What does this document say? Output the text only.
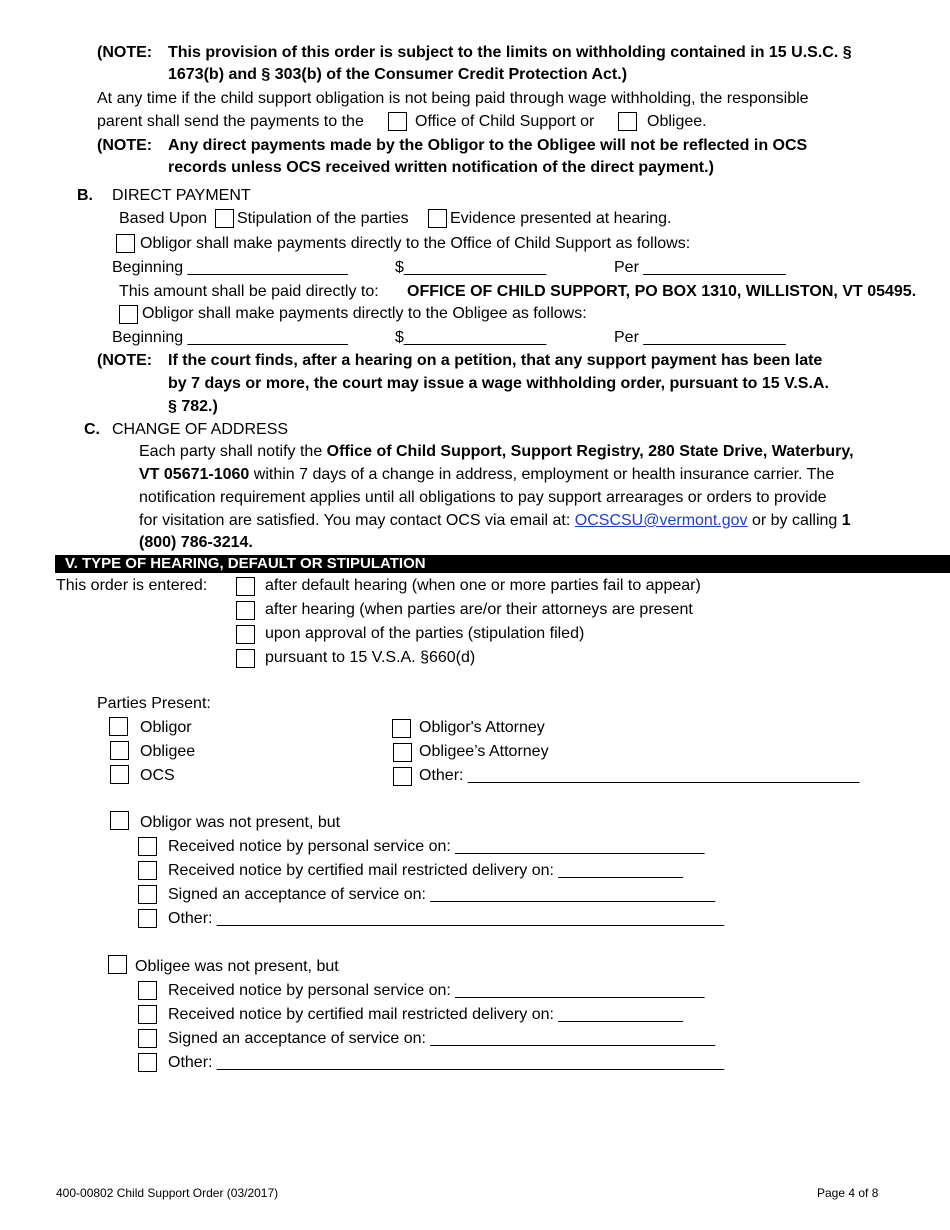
(NOTE: This provision of this order is subject to the limits on withholding contained in 15 U.S.C. §
1673(b) and § 303(b) of the Consumer Credit Protection Act.)
At any time if the child support obligation is not being paid through wage withholding, the responsible
parent shall send the payments to the	Office of Child Support or	Obligee.
(NOTE: Any direct payments made by the Obligor to the Obligee will not be reflected in OCS
records unless OCS received written notification of the direct payment.)
B. DIRECT PAYMENT
Based Upon Stipulation of the parties	Evidence presented at hearing.
Obligor shall make payments directly to the Office of Child Support as follows:
Beginning __________________	$________________	Per ________________
This amount shall be paid directly to: OFFICE OF CHILD SUPPORT, PO BOX 1310, WILLISTON, VT 05495.
Obligor shall make payments directly to the Obligee as follows:
Beginning __________________	$________________	Per ________________
(NOTE: If the court finds, after a hearing on a petition, that any support payment has been late
by 7 days or more, the court may issue a wage withholding order, pursuant to 15 V.S.A.
§ 782.)
C. CHANGE OF ADDRESS
Each party shall notify the Office of Child Support, Support Registry, 280 State Drive, Waterbury,
VT 05671-1060 within 7 days of a change in address, employment or health insurance carrier. The
notification requirement applies until all obligations to pay support arrearages or orders to provide
for visitation are satisfied. You may contact OCS via email at: OCSCSU@vermont.gov or by calling 1
(800) 786-3214.
V. TYPE OF HEARING, DEFAULT OR STIPULATION
This order is entered:	after default hearing (when one or more parties fail to appear)
after hearing (when parties are/or their attorneys are present
upon approval of the parties (stipulation filed)
pursuant to 15 V.S.A. §660(d)
Parties Present:
Obligor
Obligee
OCS
Obligor's Attorney
Obligee’s Attorney
Other: ____________________________________________
Obligor was not present, but
Received notice by personal service on: ____________________________
Received notice by certified mail restricted delivery on: ______________
Signed an acceptance of service on: ________________________________
Other: _________________________________________________________
Obligee was not present, but
Received notice by personal service on: ____________________________
Received notice by certified mail restricted delivery on: ______________
Signed an acceptance of service on: ________________________________
Other: _________________________________________________________
400-00802 Child Support Order (03/2017)	Page 4 of 8
